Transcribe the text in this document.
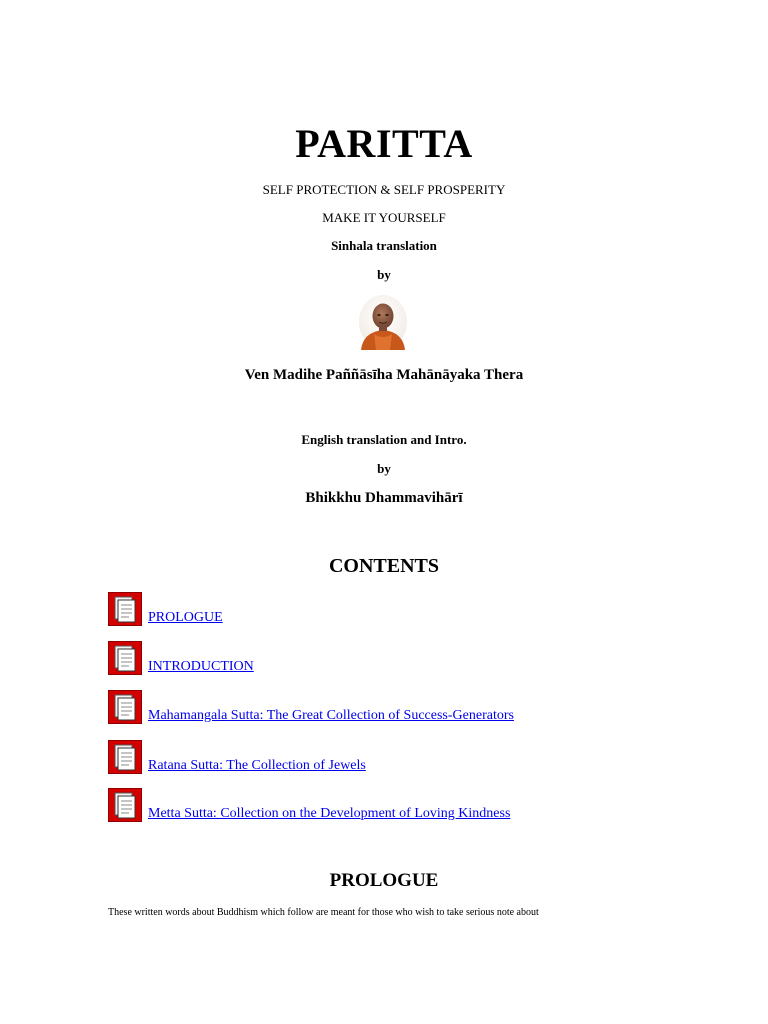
PARITTA
SELF PROTECTION & SELF PROSPERITY
MAKE IT YOURSELF
Sinhala translation
by
Ven Madihe Paññāsīha Mahānāyaka Thera
English translation and Intro.
by
Bhikkhu Dhammavihārī
CONTENTS
PROLOGUE
INTRODUCTION
Mahamangala Sutta: The Great Collection of Success-Generators
Ratana Sutta: The Collection of Jewels
Metta Sutta: Collection on the Development of Loving Kindness
PROLOGUE
These written words about Buddhism which follow are meant for those who wish to take serious note about
